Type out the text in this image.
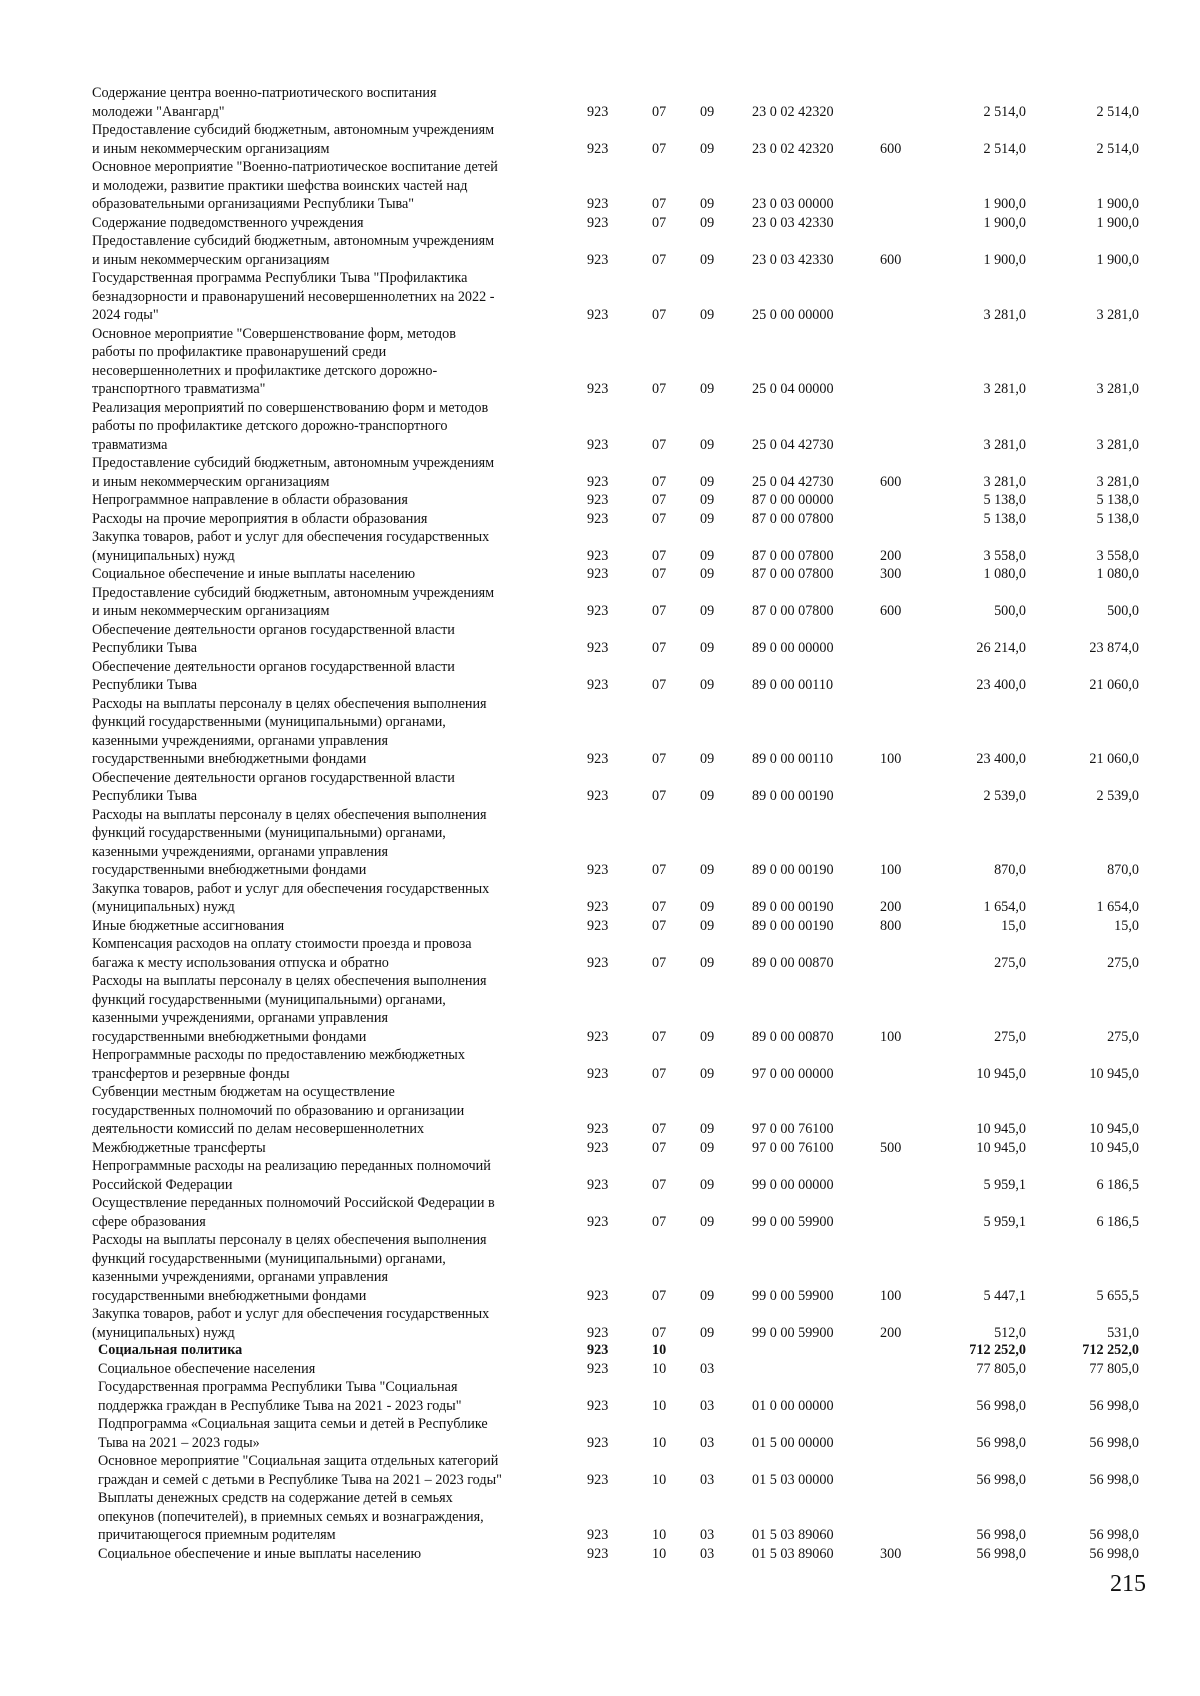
Содержание центра военно-патриотического воспитания
молодежи "Авангард"	923	07 09	23 0 02 42320	2 514,0	2 514,0
Предоставление субсидий бюджетным, автономным учреждениям
и иным некоммерческим организациям	923	07 09	23 0 02 42320	600	2 514,0	2 514,0
Основное мероприятие "Военно-патриотическое воспитание детей
и молодежи, развитие практики шефства воинских частей над
образовательными организациями Республики Тыва"	923	07 09	23 0 03 00000	1 900,0	1 900,0
Содержание подведомственного учреждения	923	07 09	23 0 03 42330	1 900,0	1 900,0
Предоставление субсидий бюджетным, автономным учреждениям
и иным некоммерческим организациям	923	07 09	23 0 03 42330	600	1 900,0	1 900,0
Государственная программа Республики Тыва "Профилактика
безнадзорности и правонарушений несовершеннолетних на 2022 -
2024 годы"	923	07 09	25 0 00 00000	3 281,0	3 281,0
Основное мероприятие "Совершенствование форм, методов
работы по профилактике правонарушений среди
несовершеннолетних и профилактике детского дорожно-
транспортного травматизма"	923	07 09	25 0 04 00000	3 281,0	3 281,0
Реализация мероприятий по совершенствованию форм и методов
работы по профилактике детского дорожно-транспортного
травматизма	923	07 09	25 0 04 42730	3 281,0	3 281,0
Предоставление субсидий бюджетным, автономным учреждениям
и иным некоммерческим организациям	923	07 09	25 0 04 42730	600	3 281,0	3 281,0
Непрограммное направление в области образования	923	07 09	87 0 00 00000	5 138,0	5 138,0
Расходы на прочие мероприятия в области образования	923	07 09	87 0 00 07800	5 138,0	5 138,0
Закупка товаров, работ и услуг для обеспечения государственных
(муниципальных) нужд	923	07 09	87 0 00 07800	200	3 558,0	3 558,0
Социальное обеспечение и иные выплаты населению	923	07 09	87 0 00 07800	300	1 080,0	1 080,0
Предоставление субсидий бюджетным, автономным учреждениям
и иным некоммерческим организациям	923	07 09	87 0 00 07800	600	500,0	500,0
Обеспечение деятельности органов государственной власти
Республики Тыва	923	07 09	89 0 00 00000	26 214,0	23 874,0
Обеспечение деятельности органов государственной власти
Республики Тыва	923	07 09	89 0 00 00110	23 400,0	21 060,0
Расходы на выплаты персоналу в целях обеспечения выполнения
функций государственными (муниципальными) органами,
казенными учреждениями, органами управления
государственными внебюджетными фондами	923	07 09	89 0 00 00110	100	23 400,0	21 060,0
Обеспечение деятельности органов государственной власти
Республики Тыва	923	07 09	89 0 00 00190	2 539,0	2 539,0
Расходы на выплаты персоналу в целях обеспечения выполнения
функций государственными (муниципальными) органами,
казенными учреждениями, органами управления
государственными внебюджетными фондами	923	07 09	89 0 00 00190	100	870,0	870,0
Закупка товаров, работ и услуг для обеспечения государственных
(муниципальных) нужд	923	07 09	89 0 00 00190	200	1 654,0	1 654,0
Иные бюджетные ассигнования	923	07 09	89 0 00 00190	800	15,0	15,0
Компенсация расходов на оплату стоимости проезда и провоза
багажа к месту использования отпуска и обратно	923	07 09	89 0 00 00870	275,0	275,0
Расходы на выплаты персоналу в целях обеспечения выполнения
функций государственными (муниципальными) органами,
казенными учреждениями, органами управления
государственными внебюджетными фондами	923	07 09	89 0 00 00870	100	275,0	275,0
Непрограммные расходы по предоставлению межбюджетных
трансфертов и резервные фонды	923	07 09	97 0 00 00000	10 945,0	10 945,0
Субвенции местным бюджетам на осуществление
государственных полномочий по образованию и организации
деятельности комиссий по делам несовершеннолетних	923	07 09	97 0 00 76100	10 945,0	10 945,0
Межбюджетные трансферты	923	07 09	97 0 00 76100	500	10 945,0	10 945,0
Непрограммные расходы на реализацию переданных полномочий
Российской Федерации	923	07 09	99 0 00 00000	5 959,1	6 186,5
Осуществление переданных полномочий Российской Федерации в
сфере образования	923	07 09	99 0 00 59900	5 959,1	6 186,5
Расходы на выплаты персоналу в целях обеспечения выполнения
функций государственными (муниципальными) органами,
казенными учреждениями, органами управления
государственными внебюджетными фондами	923	07 09	99 0 00 59900	100	5 447,1	5 655,5
Закупка товаров, работ и услуг для обеспечения государственных
(муниципальных) нужд	923	07 09	99 0 00 59900	200	512,0	531,0
Социальная политика	923	10	712 252,0	712 252,0
Социальное обеспечение населения	923	10 03	77 805,0	77 805,0
Государственная программа Республики Тыва "Социальная
поддержка граждан в Республике Тыва на 2021 - 2023 годы"	923	10 03	01 0 00 00000	56 998,0	56 998,0
Подпрограмма «Социальная защита семьи и детей в Республике
Тыва на 2021 – 2023 годы»	923	10 03	01 5 00 00000	56 998,0	56 998,0
Основное мероприятие "Социальная защита отдельных категорий
граждан и семей с детьми в Республике Тыва на 2021 – 2023 годы"	923	10 03	01 5 03 00000	56 998,0	56 998,0
Выплаты денежных средств на содержание детей в семьях
опекунов (попечителей), в приемных семьях и вознаграждения,
причитающегося приемным родителям	923	10 03	01 5 03 89060	56 998,0	56 998,0
Социальное обеспечение и иные выплаты населению	923	10 03	01 5 03 89060	300	56 998,0	56 998,0
215
